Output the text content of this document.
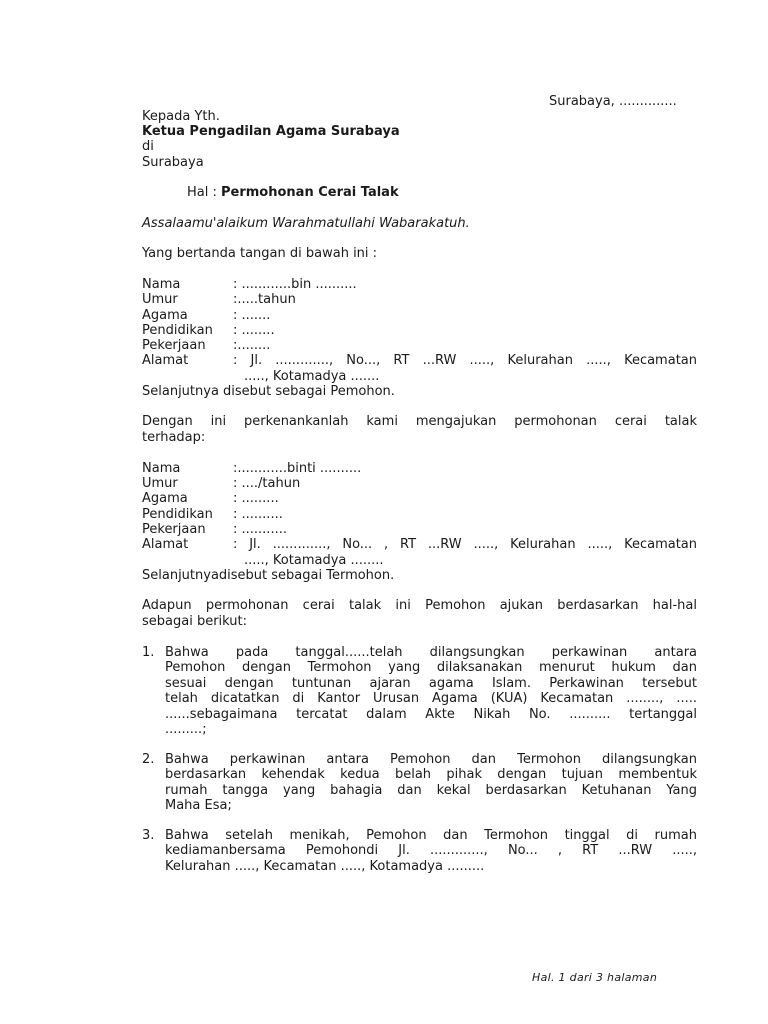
Surabaya, ..............
Kepada Yth.
Ketua Pengadilan Agama Surabaya
di
Surabaya
Hal : Permohonan Cerai Talak
Assalaamu'alaikum Warahmatullahi Wabarakatuh.
Yang bertanda tangan di bawah ini :
Nama	: ............bin ..........
Umur	:.....tahun
Agama	: .......
Pendidikan : ........
Pekerjaan :........
Alamat	: Jl. ............., No..., RT ...RW ....., Kelurahan ....., Kecamatan
....., Kotamadya .......
Selanjutnya disebut sebagai Pemohon.
Dengan ini perkenankanlah kami mengajukan permohonan cerai talak
terhadap:
Nama	:............binti ..........
Umur	: ..../tahun
Agama	: .........
Pendidikan : ..........
Pekerjaan : ...........
Alamat	: Jl. ............., No... , RT ...RW ....., Kelurahan ....., Kecamatan
....., Kotamadya ........
Selanjutnyadisebut sebagai Termohon.
Adapun permohonan cerai talak ini Pemohon ajukan berdasarkan hal-hal
sebagai berikut:
1. Bahwa pada tanggal......telah dilangsungkan perkawinan antara
Pemohon dengan Termohon yang dilaksanakan menurut hukum dan
sesuai dengan tuntunan ajaran agama Islam. Perkawinan tersebut
telah dicatatkan di Kantor Urusan Agama (KUA) Kecamatan ........, .....
......sebagaimana tercatat dalam Akte Nikah No. .......... tertanggal
.........;
2. Bahwa perkawinan antara Pemohon dan Termohon dilangsungkan
berdasarkan kehendak kedua belah pihak dengan tujuan membentuk
rumah tangga yang bahagia dan kekal berdasarkan Ketuhanan Yang
Maha Esa;
3. Bahwa setelah menikah, Pemohon dan Termohon tinggal di rumah
kediamanbersama Pemohondi Jl. ............., No... , RT ...RW .....,
Kelurahan ....., Kecamatan ....., Kotamadya .........
Hal. 1 dari 3 halaman
